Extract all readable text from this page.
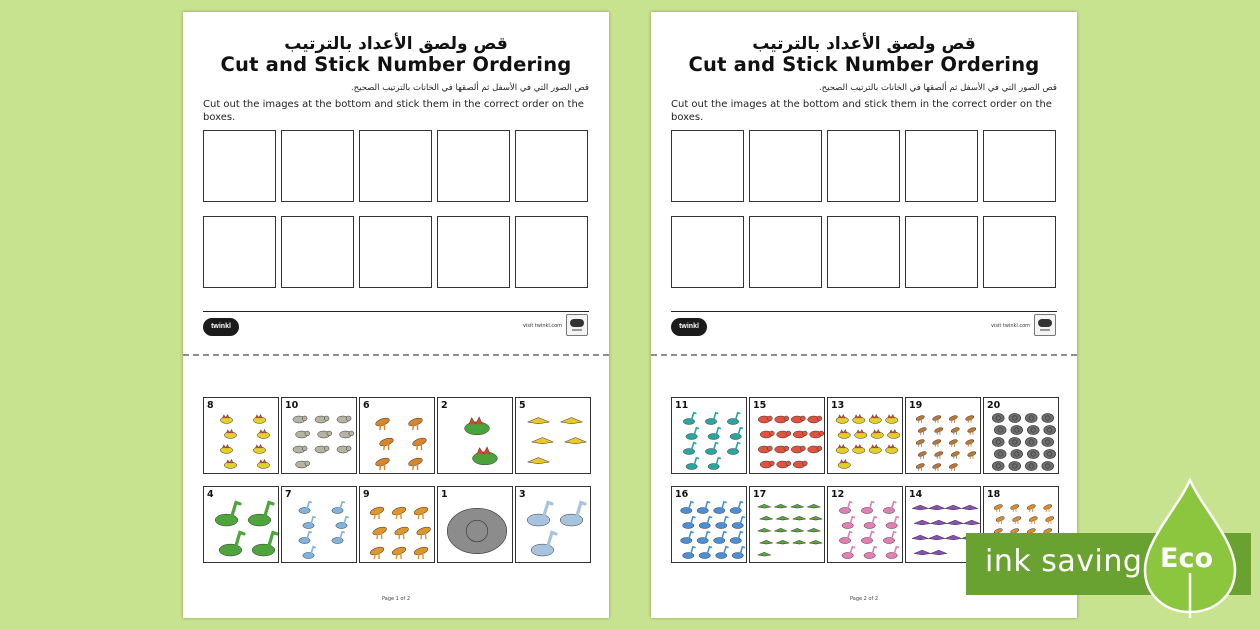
قص ولصق الأعداد بالترتيب
Cut and Stick Number Ordering
قص الصور التي في الأسفل ثم ألصقها في الخانات بالترتيب الصحيح.
Cut out the images at the bottom and stick them in the correct order on the boxes.
twinkl	visit twinkl.com
8	10	6	2	5
4	7	9	1	3
Page 1 of 2
قص ولصق الأعداد بالترتيب
Cut and Stick Number Ordering
قص الصور التي في الأسفل ثم ألصقها في الخانات بالترتيب الصحيح.
Cut out the images at the bottom and stick them in the correct order on the boxes.
twinkl	visit twinkl.com
11	15	13	19	20
16	17	12	14	18
Page 2 of 2
ink saving Eco
